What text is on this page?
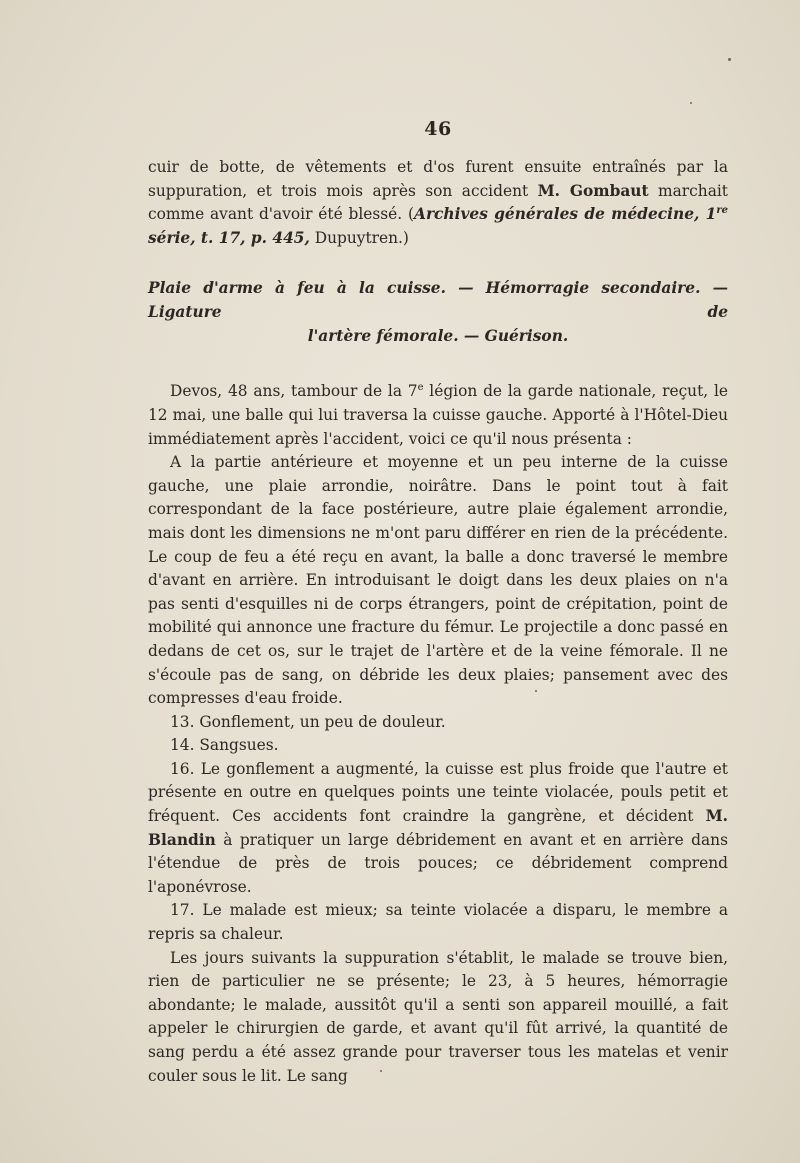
46

cuir de botte, de vêtements et d'os furent ensuite entraînés par la suppuration, et trois mois après son accident M. Gombaut marchait comme avant d'avoir été blessé. (Archives générales de médecine, 1re série, t. 17, p. 445, Dupuytren.)

Plaie d'arme à feu à la cuisse. — Hémorragie secondaire. — Ligature de
l'artère fémorale. — Guérison.

Devos, 48 ans, tambour de la 7e légion de la garde nationale, reçut, le 12 mai, une balle qui lui traversa la cuisse gauche. Apporté à l'Hôtel-Dieu immédiatement après l'accident, voici ce qu'il nous présenta :

A la partie antérieure et moyenne et un peu interne de la cuisse gauche, une plaie arrondie, noirâtre. Dans le point tout à fait correspondant de la face postérieure, autre plaie également arrondie, mais dont les dimensions ne m'ont paru différer en rien de la précédente. Le coup de feu a été reçu en avant, la balle a donc traversé le membre d'avant en arrière. En introduisant le doigt dans les deux plaies on n'a pas senti d'esquilles ni de corps étrangers, point de crépitation, point de mobilité qui annonce une fracture du fémur. Le projectile a donc passé en dedans de cet os, sur le trajet de l'artère et de la veine fémorale. Il ne s'écoule pas de sang, on débride les deux plaies; pansement avec des compresses d'eau froide.

13. Gonflement, un peu de douleur.

14. Sangsues.

16. Le gonflement a augmenté, la cuisse est plus froide que l'autre et présente en outre en quelques points une teinte violacée, pouls petit et fréquent. Ces accidents font craindre la gangrène, et décident M. Blandin à pratiquer un large débridement en avant et en arrière dans l'étendue de près de trois pouces; ce débridement comprend l'aponévrose.

17. Le malade est mieux; sa teinte violacée a disparu, le membre a repris sa chaleur.

Les jours suivants la suppuration s'établit, le malade se trouve bien, rien de particulier ne se présente; le 23, à 5 heures, hémorragie abondante; le malade, aussitôt qu'il a senti son appareil mouillé, a fait appeler le chirurgien de garde, et avant qu'il fût arrivé, la quantité de sang perdu a été assez grande pour traverser tous les matelas et venir couler sous le lit. Le sang
